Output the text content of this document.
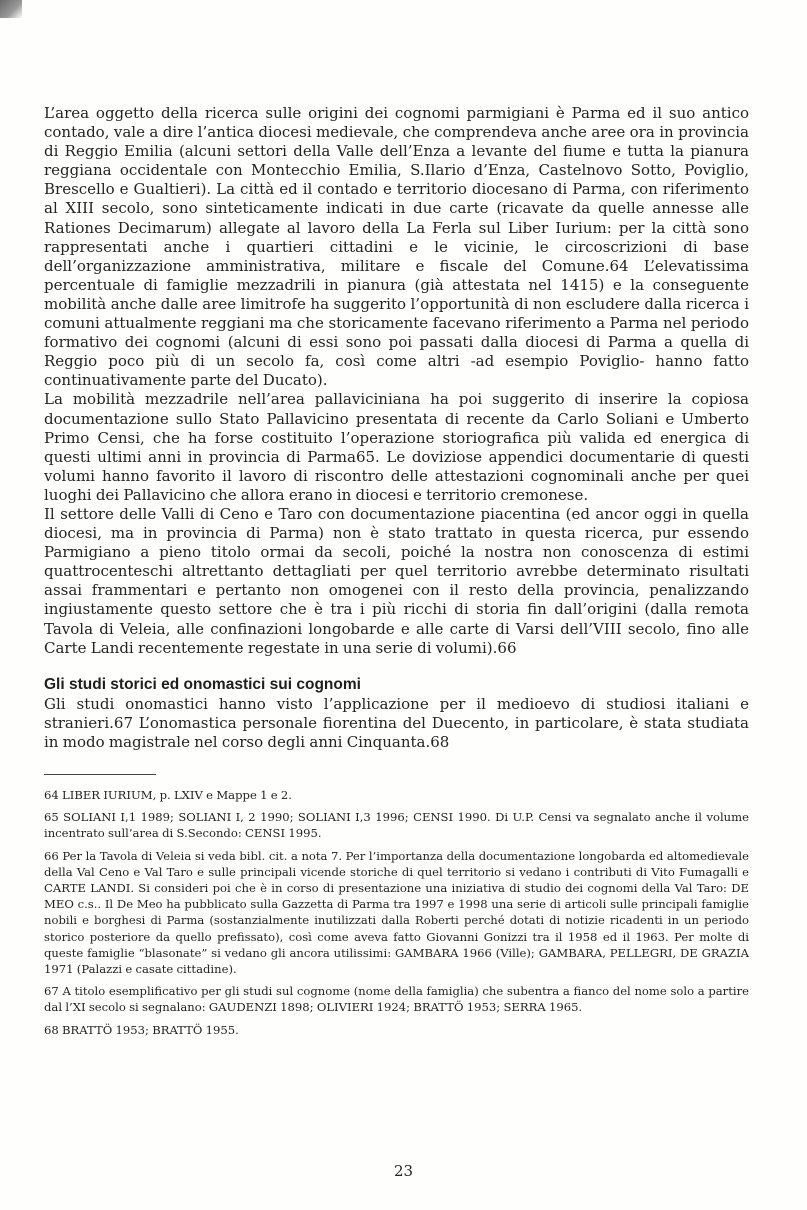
L’area oggetto della ricerca sulle origini dei cognomi parmigiani è Parma ed il suo antico contado, vale a dire l’antica diocesi medievale, che comprendeva anche aree ora in provincia di Reggio Emilia (alcuni settori della Valle dell’Enza a levante del fiume e tutta la pianura reggiana occidentale con Montecchio Emilia, S.Ilario d’Enza, Castelnovo Sotto, Poviglio, Brescello e Gualtieri). La città ed il contado e territorio diocesano di Parma, con riferimento al XIII secolo, sono sinteticamente indicati in due carte (ricavate da quelle annesse alle Rationes Decimarum) allegate al lavoro della La Ferla sul Liber Iurium: per la città sono rappresentati anche i quartieri cittadini e le vicinie, le circoscrizioni di base dell’organizzazione amministrativa, militare e fiscale del Comune.64 L’elevatissima percentuale di famiglie mezzadrili in pianura (già attestata nel 1415) e la conseguente mobilità anche dalle aree limitrofe ha suggerito l’opportunità di non escludere dalla ricerca i comuni attualmente reggiani ma che storicamente facevano riferimento a Parma nel periodo formativo dei cognomi (alcuni di essi sono poi passati dalla diocesi di Parma a quella di Reggio poco più di un secolo fa, così come altri -ad esempio Poviglio- hanno fatto continuativamente parte del Ducato).

La mobilità mezzadrile nell’area pallaviciniana ha poi suggerito di inserire la copiosa documentazione sullo Stato Pallavicino presentata di recente da Carlo Soliani e Umberto Primo Censi, che ha forse costituito l’operazione storiografica più valida ed energica di questi ultimi anni in provincia di Parma65. Le doviziose appendici documentarie di questi volumi hanno favorito il lavoro di riscontro delle attestazioni cognominali anche per quei luoghi dei Pallavicino che allora erano in diocesi e territorio cremonese.

Il settore delle Valli di Ceno e Taro con documentazione piacentina (ed ancor oggi in quella diocesi, ma in provincia di Parma) non è stato trattato in questa ricerca, pur essendo Parmigiano a pieno titolo ormai da secoli, poiché la nostra non conoscenza di estimi quattrocenteschi altrettanto dettagliati per quel territorio avrebbe determinato risultati assai frammentari e pertanto non omogenei con il resto della provincia, penalizzando ingiustamente questo settore che è tra i più ricchi di storia fin dall’origini (dalla remota Tavola di Veleia, alle confinazioni longobarde e alle carte di Varsi dell’VIII secolo, fino alle Carte Landi recentemente regestate in una serie di volumi).66

Gli studi storici ed onomastici sui cognomi

Gli studi onomastici hanno visto l’applicazione per il medioevo di studiosi italiani e stranieri.67 L’onomastica personale fiorentina del Duecento, in particolare, è stata studiata in modo magistrale nel corso degli anni Cinquanta.68

64 LIBER IURIUM, p. LXIV e Mappe 1 e 2.

65 SOLIANI I,1 1989; SOLIANI I, 2 1990; SOLIANI I,3 1996; CENSI 1990. Di U.P. Censi va segnalato anche il volume incentrato sull’area di S.Secondo: CENSI 1995.

66 Per la Tavola di Veleia si veda bibl. cit. a nota 7. Per l’importanza della documentazione longobarda ed altomedievale della Val Ceno e Val Taro e sulle principali vicende storiche di quel territorio si vedano i contributi di Vito Fumagalli e CARTE LANDI. Si consideri poi che è in corso di presentazione una iniziativa di studio dei cognomi della Val Taro: DE MEO c.s.. Il De Meo ha pubblicato sulla Gazzetta di Parma tra 1997 e 1998 una serie di articoli sulle principali famiglie nobili e borghesi di Parma (sostanzialmente inutilizzati dalla Roberti perché dotati di notizie ricadenti in un periodo storico posteriore da quello prefissato), così come aveva fatto Giovanni Gonizzi tra il 1958 ed il 1963. Per molte di queste famiglie “blasonate” si vedano gli ancora utilissimi: GAMBARA 1966 (Ville); GAMBARA, PELLEGRI, DE GRAZIA 1971 (Palazzi e casate cittadine).

67 A titolo esemplificativo per gli studi sul cognome (nome della famiglia) che subentra a fianco del nome solo a partire dal l’XI secolo si segnalano: GAUDENZI 1898; OLIVIERI 1924; BRATTÖ 1953; SERRA 1965.

68 BRATTÖ 1953; BRATTÖ 1955.

23
